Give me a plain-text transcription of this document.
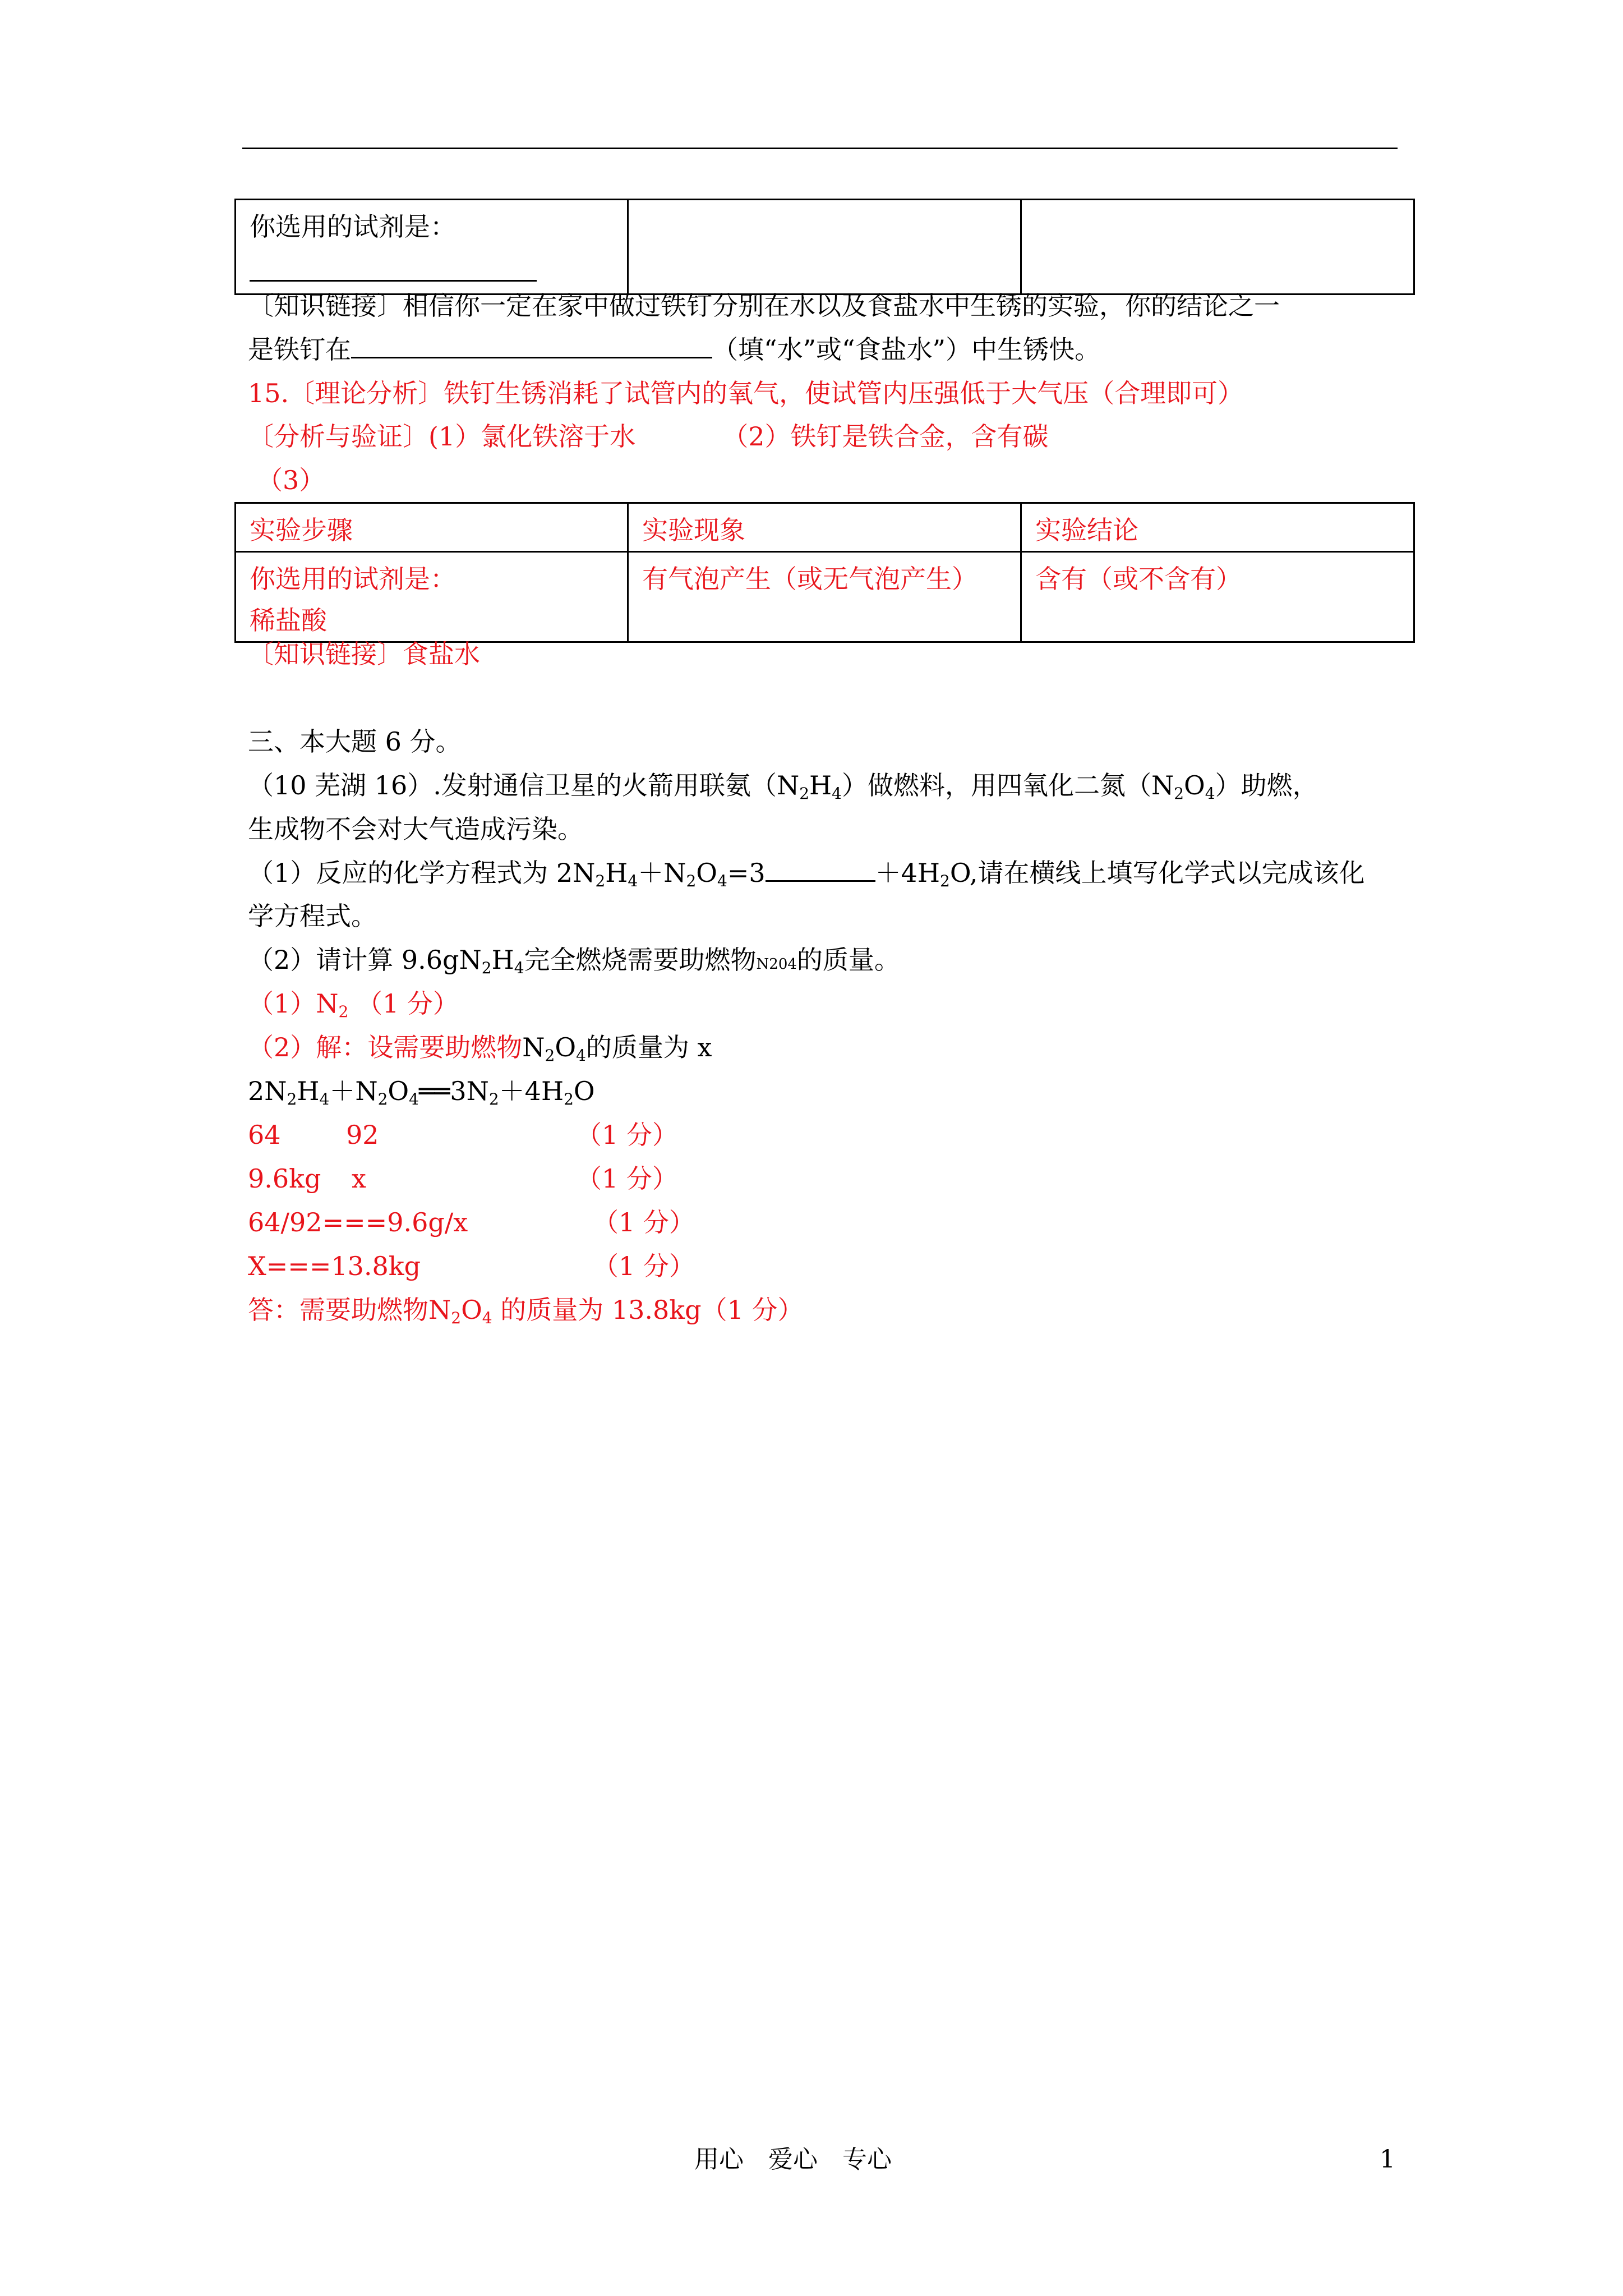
你选用的试剂是：

〔知识链接〕相信你一定在家中做过铁钉分别在水以及食盐水中生锈的实验，你的结论之一
是铁钉在	（填“水”或“食盐水”）中生锈快。
15.〔理论分析〕铁钉生锈消耗了试管内的氧气，使试管内压强低于大气压（合理即可）
〔分析与验证〕(1）氯化铁溶于水	（2）铁钉是铁合金，含有碳
（3）
实验步骤	实验现象	实验结论

你选用的试剂是：
稀盐酸	有气泡产生（或无气泡产生）	含有（或不含有）
〔知识链接〕食盐水
三、本大题 6 分。
（10 芜湖 16）.发射通信卫星的火箭用联氨$(N_2H_4)$做燃料，用四氧化二氮$(N_2O_4)$助燃，
生成物不会对大气造成污染。
（1）反应的化学方程式为 $2N_2H_4+N_2O_4=3$	$+4H_2O$,请在横线上填写化学式以完成该化
学方程式。
（2）请计算 $9.6gN_2H_4$完全燃烧需要助燃物N204的质量。
$(1)N_2$ （1 分）
（2）解：设需要助燃物$N_2O_4$的质量为 x
$2N_2H_4+N_2O_4══3N_2+4H_2O$
64	92	（1 分）
9.6kg x	（1 分）
64/92===9.6g/x	（1 分）
X===13.8kg	（1 分）
答：需要助燃物$N_2O_4$ 的质量为 13.8kg（1 分）
用心　爱心　专心	1
